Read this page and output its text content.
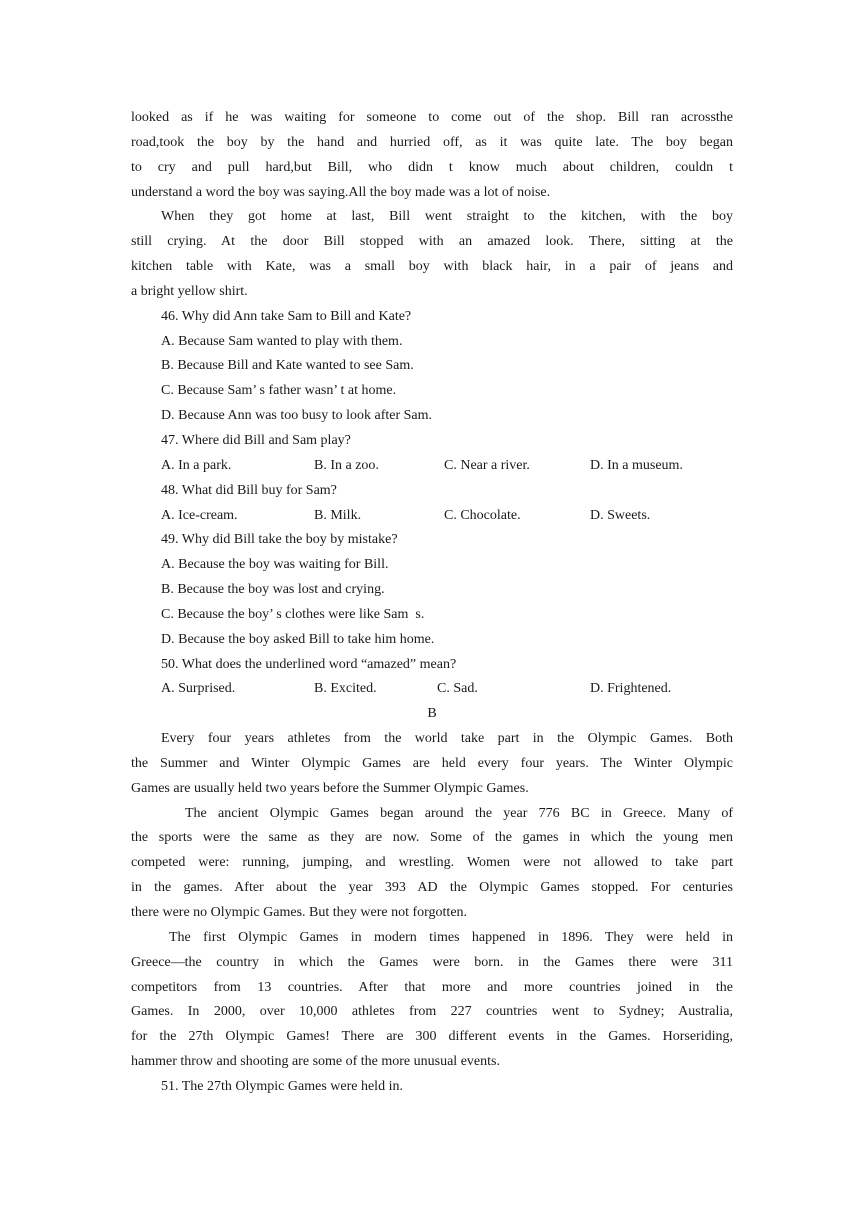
looked as if he was waiting for someone to come out of the shop. Bill ran acrossthe
road,took the boy by the hand and hurried off, as it was quite late. The boy began
to cry and pull hard,but Bill, who didn t know much about children, couldn t
understand a word the boy was saying.All the boy made was a lot of noise.
When they got home at last, Bill went straight to the kitchen, with the boy
still crying. At the door Bill stopped with an amazed look. There, sitting at the
kitchen table with Kate, was a small boy with black hair, in a pair of jeans and
a bright yellow shirt.
46. Why did Ann take Sam to Bill and Kate?
A. Because Sam wanted to play with them.
B. Because Bill and Kate wanted to see Sam.
C. Because Sam’ s father wasn’ t at home.
D. Because Ann was too busy to look after Sam.
47. Where did Bill and Sam play?
A. In a park.	B. In a zoo.	C. Near a river.	D. In a museum.
48. What did Bill buy for Sam?
A. Ice-cream.	B. Milk.	C. Chocolate.	D. Sweets.
49. Why did Bill take the boy by mistake?
A. Because the boy was waiting for Bill.
B. Because the boy was lost and crying.
C. Because the boy’ s clothes were like Sam  s.
D. Because the boy asked Bill to take him home.
50. What does the underlined word “amazed” mean?
A. Surprised.	B. Excited.	C. Sad.	D. Frightened.
B
Every four years athletes from the world take part in the Olympic Games. Both
the Summer and Winter Olympic Games are held every four years. The Winter Olympic
Games are usually held two years before the Summer Olympic Games.
The ancient Olympic Games began around the year 776 BC in Greece. Many of
the sports were the same as they are now. Some of the games in which the young men
competed were: running, jumping, and wrestling. Women were not allowed to take part
in the games. After about the year 393 AD the Olympic Games stopped. For centuries
there were no Olympic Games. But they were not forgotten.
The first Olympic Games in modern times happened in 1896. They were held in
Greece—the country in which the Games were born. in the Games there were 311
competitors from 13 countries. After that more and more countries joined in the
Games. In 2000, over 10,000 athletes from 227 countries went to Sydney; Australia,
for the 27th Olympic Games! There are 300 different events in the Games. Horseriding,
hammer throw and shooting are some of the more unusual events.
51. The 27th Olympic Games were held in.
